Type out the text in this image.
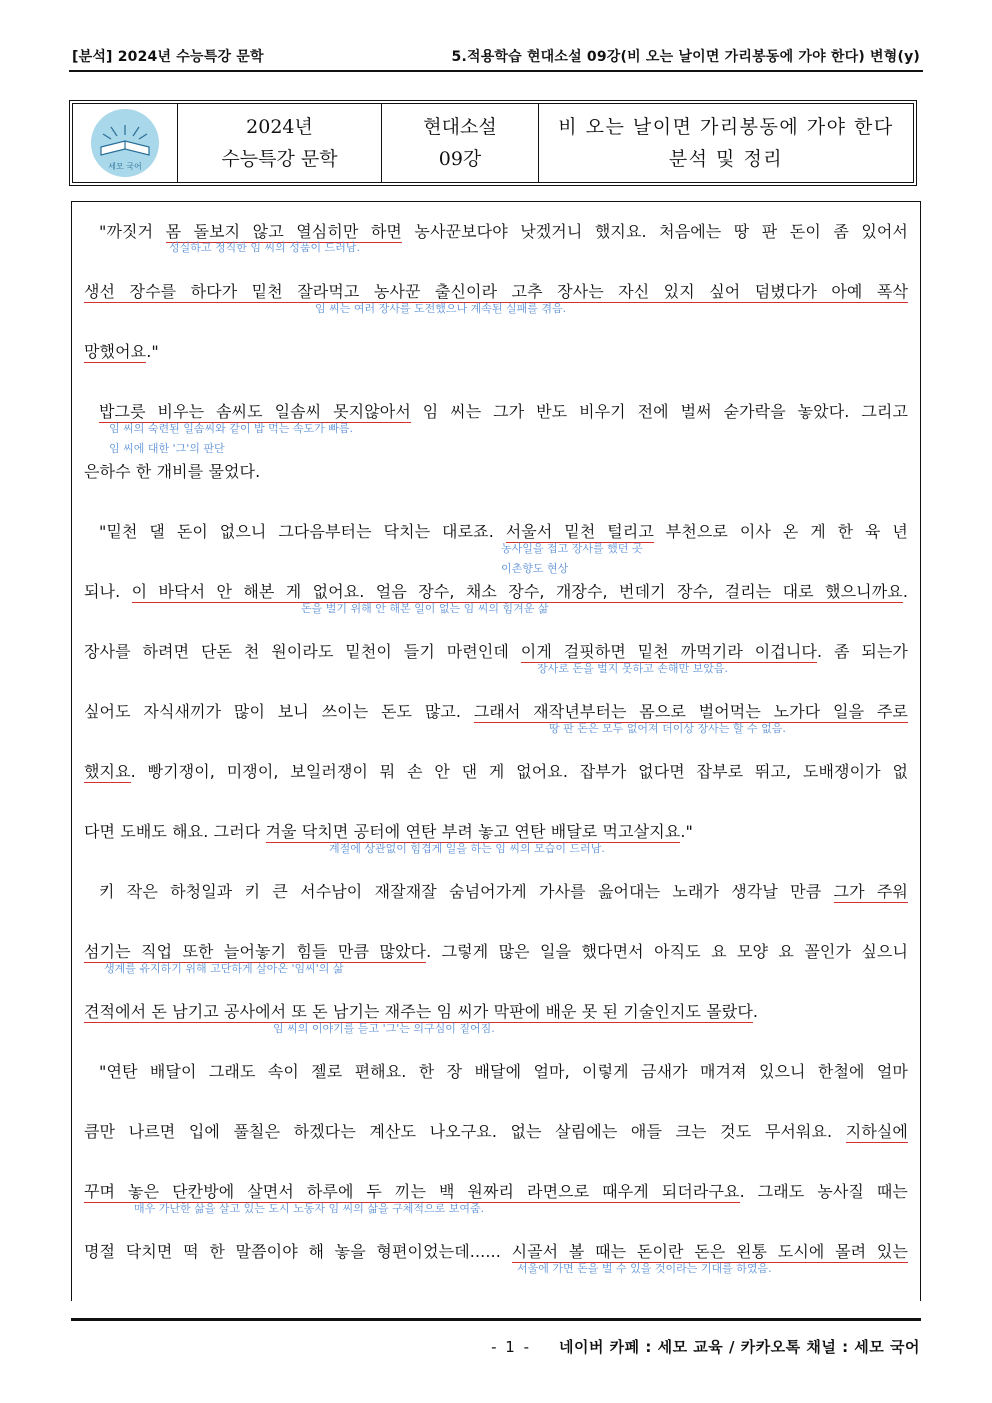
[분석] 2024년 수능특강 문학	5.적용학습 현대소설 09강(비 오는 날이면 가리봉동에 가야 한다) 변형(y)
세모 국어
2024년
수능특강 문학
현대소설
09강
비 오는 날이면 가리봉동에 가야 한다
분석 및 정리
"까짓거 몸 돌보지 않고 열심히만 하면 농사꾼보다야 낫겠거니 했지요. 처음에는 땅 판 돈이 좀 있어서
성실하고 정직한 임 씨의 성품이 드러남.
생선 장수를 하다가 밑천 잘라먹고 농사꾼 출신이라 고추 장사는 자신 있지 싶어 덤볐다가 아예 폭삭
임 씨는 여러 장사를 도전했으나 계속된 실패를 겪음.
망했어요."
밥그릇 비우는 솜씨도 일솜씨 못지않아서 임 씨는 그가 반도 비우기 전에 벌써 숟가락을 놓았다. 그리고
임 씨의 숙련된 일솜씨와 같이 밥 먹는 속도가 빠름.
임 씨에 대한 '그'의 판단
은하수 한 개비를 물었다.
"밑천 댈 돈이 없으니 그다음부터는 닥치는 대로죠. 서울서 밑천 털리고 부천으로 이사 온 게 한 육 년
농사일을 접고 장사를 했던 곳
이촌향도 현상
되나. 이 바닥서 안 해본 게 없어요. 얼음 장수, 채소 장수, 개장수, 번데기 장수, 걸리는 대로 했으니까요.
돈을 벌기 위해 안 해본 일이 없는 임 씨의 힘겨운 삶
장사를 하려면 단돈 천 원이라도 밑천이 들기 마련인데 이게 걸핏하면 밑천 까먹기라 이겁니다. 좀 되는가
장사로 돈을 벌지 못하고 손해만 보았음.
싶어도 자식새끼가 많이 보니 쓰이는 돈도 많고. 그래서 재작년부터는 몸으로 벌어먹는 노가다 일을 주로
땅 판 돈은 모두 없어져 더이상 장사는 할 수 없음.
했지요. 빵기쟁이, 미쟁이, 보일러쟁이 뭐 손 안 댄 게 없어요. 잡부가 없다면 잡부로 뛰고, 도배쟁이가 없
다면 도배도 해요. 그러다 겨울 닥치면 공터에 연탄 부려 놓고 연탄 배달로 먹고살지요."
계절에 상관없이 힘겹게 일을 하는 임 씨의 모습이 드러남.
키 작은 하청일과 키 큰 서수남이 재잘재잘 숨넘어가게 가사를 읊어대는 노래가 생각날 만큼 그가 주워
섬기는 직업 또한 늘어놓기 힘들 만큼 많았다. 그렇게 많은 일을 했다면서 아직도 요 모양 요 꼴인가 싶으니
생계를 유지하기 위해 고단하게 살아온 '임씨'의 삶
견적에서 돈 남기고 공사에서 또 돈 남기는 재주는 임 씨가 막판에 배운 못 된 기술인지도 몰랐다.
임 씨의 이야기를 듣고 '그'는 의구심이 짙어짐.
"연탄 배달이 그래도 속이 젤로 편해요. 한 장 배달에 얼마, 이렇게 금새가 매겨져 있으니 한철에 얼마
큼만 나르면 입에 풀칠은 하겠다는 계산도 나오구요. 없는 살림에는 애들 크는 것도 무서워요. 지하실에
꾸며 놓은 단칸방에 살면서 하루에 두 끼는 백 원짜리 라면으로 때우게 되더라구요. 그래도 농사질 때는
매우 가난한 삶을 살고 있는 도시 노동자 임 씨의 삶을 구체적으로 보여줌.
명절 닥치면 떡 한 말쯤이야 해 놓을 형편이었는데...... 시골서 볼 때는 돈이란 돈은 왼통 도시에 몰려 있는
서울에 가면 돈을 벌 수 있을 것이라는 기대를 하였음.
- 1 - 네이버 카페 : 세모 교육 / 카카오톡 채널 : 세모 국어
